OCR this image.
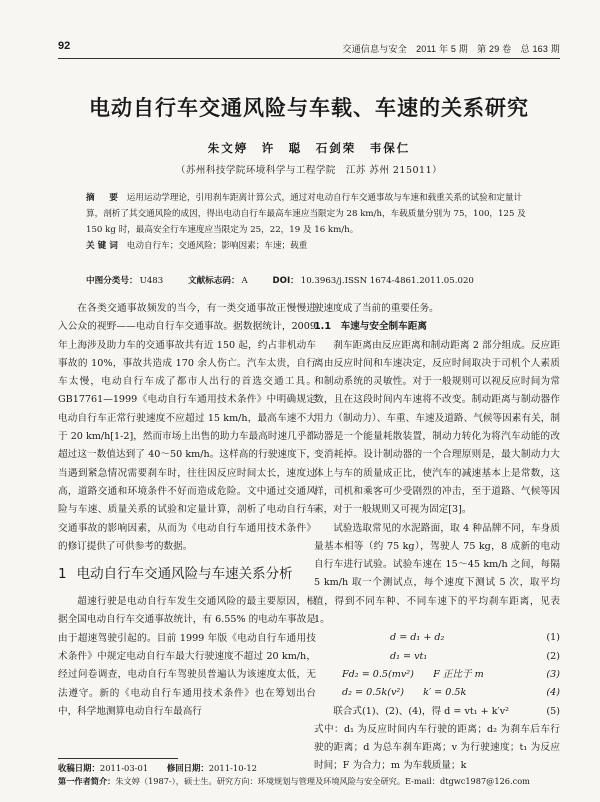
92	交通信息与安全　2011 年 5 期　第 29 卷　总 163 期
电动自行车交通风险与车载、车速的关系研究
朱文婷　许　聪　石剑荣　韦保仁
（苏州科技学院环境科学与工程学院　江苏 苏州 215011）
摘　要 运用运动学理论，引用刹车距离计算公式，通过对电动自行车交通事故与车速和载重关系的试验和定量计算，剖析了其交通风险的成因，得出电动自行车最高车速应当限定为 28 km/h，车载质量分别为 75，100，125 及 150 kg 时，最高安全行车速度应当限定为 25，22，19 及 16 km/h。
关键词 电动自行车；交通风险；影响因素；车速；载重
中图分类号： U483	文献标志码： A	DOI： 10.3963/j.ISSN 1674-4861.2011.05.020

在各类交通事故频发的当今，有一类交通事故正慢慢进入公众的视野——电动自行车交通事故。据数据统计，2009 年上海涉及助力车的交通事故共有近 150 起，约占非机动车事故的 10%，事故共造成 170 余人伤亡。汽车太贵，自行车太慢，电动自行车成了都市人出行的首选交通工具。GB17761—1999《电动自行车通用技术条件》中明确规定电动自行车正常行驶速度不应超过 15 km/h，最高车速不大于 20 km/h[1-2]，然而市场上出售的助力车最高时速几乎都超过这一数值达到了 40～50 km/h。这样高的行驶速度下，当遇到紧急情况需要刹车时，往往因反应时间太长，速度过高，道路交通和环境条件不好而造成危险。文中通过交通风险与车速、质量关系的试验和定量计算，剖析了电动自行车交通事故的影响因素，从而为《电动自行车通用技术条件》的修订提供了可供参考的数据。

1 电动自行车交通风险与车速关系分析

超速行驶是电动自行车发生交通风险的最主要原因，根据全国电动自行车交通事故统计，有 6.55% 的电动车事故是由于超速驾驶引起的。目前 1999 年版《电动自行车通用技术条件》中规定电动自行车最大行驶速度不超过 20 km/h，经过问卷调查，电动自行车驾驶员普遍认为该速度太低，无法遵守。新的《电动自行车通用技术条件》也在筹划出台中，科学地测算电动自行车最高行

驶速度成了当前的重要任务。

1.1　车速与安全制车距离

刹车距离由反应距离和制动距离 2 部分组成。反应距离由反应时间和车速决定，反应时间取决于司机个人素质和制动系统的灵敏性。对于一般规则可以视反应时间为常数，且在这段时间内车速将不改变。制动距离与制动器作用力（制动力）、车重、车速及道路、气候等因素有关，制动器是一个能量耗散装置，制动力转化为将汽车动能的改变消耗掉。设计制动器的一个合理原则是，最大制动力大体上与车的质量成正比，使汽车的减速基本上是常数，这样，司机和乘客可少受剧烈的冲击，至于道路、气候等因素，对于一般规则又可视为固定[3]。

试验选取常见的水泥路面，取 4 种品牌不同，车身质量基本相等（约 75 kg），驾驶人 75 kg，8 成新的电动自行车进行试验。试验车速在 15～45 km/h 之间，每隔 5 km/h 取一个测试点，每个速度下测试 5 次，取平均值，得到不同车种、不同车速下的平均刹车距离，见表 1。

d = d₁ + d₂	(1)
d₁ = vt₁	(2)
Fd₂ = 0.5(mv²)　　F 正比于 m	(3)
d₂ = 0.5k(v²)　　k′ = 0.5k	(4)
联合式(1)、(2)、(4)，得 d = vt₁ + k′v²	(5)

式中：d₁ 为反应时间内车行驶的距离；d₂ 为刹车后车行驶的距离；d 为总车刹车距离；v 为行驶速度；t₁ 为反应时间；F 为合力；m 为车载质量；k

收稿日期：2011-03-01 修回日期：2011-10-12
第一作者简介：朱文婷（1987-），硕士生。研究方向：环境规划与管理及环境风险与安全研究。E-mail：dtgwc1987@126.com
